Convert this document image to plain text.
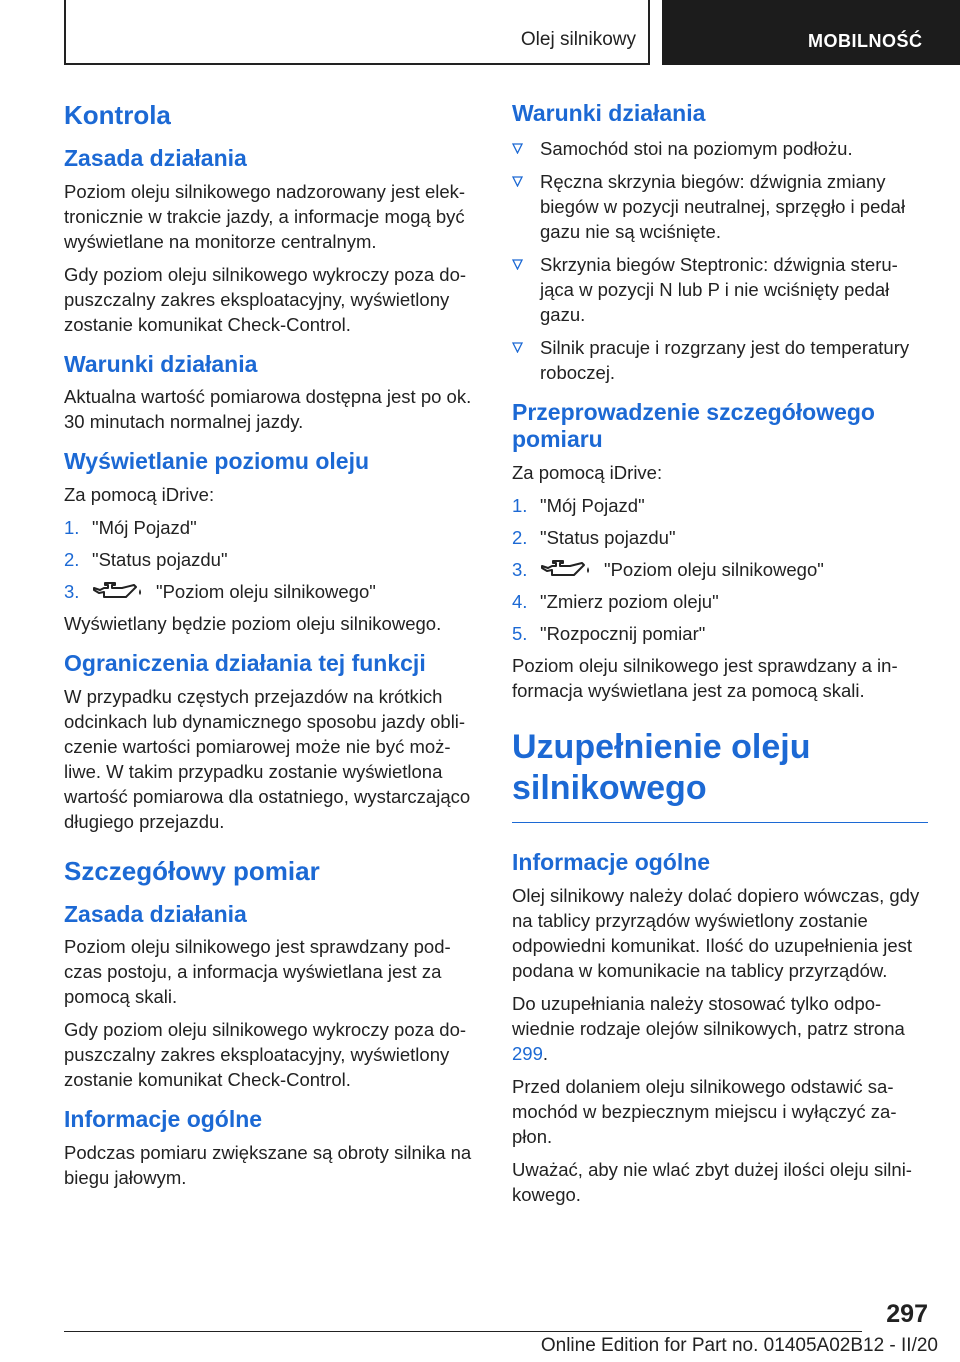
Olej silnikowy	MOBILNOŚĆ
Kontrola
Zasada działania

Poziom oleju silnikowego nadzorowany jest elek-tronicznie w trakcie jazdy, a informacje mogą być wyświetlane na monitorze centralnym.

Gdy poziom oleju silnikowego wykroczy poza do-puszczalny zakres eksploatacyjny, wyświetlony zostanie komunikat Check-Control.

Warunki działania

Aktualna wartość pomiarowa dostępna jest po ok. 30 minutach normalnej jazdy.

Wyświetlanie poziomu oleju

Za pomocą iDrive:

1. "Mój Pojazd"
2. "Status pojazdu"
3.	"Poziom oleju silnikowego"

Wyświetlany będzie poziom oleju silnikowego.

Ograniczenia działania tej funkcji

W przypadku częstych przejazdów na krótkich odcinkach lub dynamicznego sposobu jazdy obli-czenie wartości pomiarowej może nie być moż-liwe. W takim przypadku zostanie wyświetlona wartość pomiarowa dla ostatniego, wystarczająco długiego przejazdu.

Szczegółowy pomiar
Zasada działania

Poziom oleju silnikowego jest sprawdzany pod-czas postoju, a informacja wyświetlana jest za pomocą skali.

Gdy poziom oleju silnikowego wykroczy poza do-puszczalny zakres eksploatacyjny, wyświetlony zostanie komunikat Check-Control.

Informacje ogólne

Podczas pomiaru zwiększane są obroty silnika na biegu jałowym.

Warunki działania
Samochód stoi na poziomym podłożu.
Ręczna skrzynia biegów: dźwignia zmiany biegów w pozycji neutralnej, sprzęgło i pedał gazu nie są wciśnięte.
Skrzynia biegów Steptronic: dźwignia steru-jąca w pozycji N lub P i nie wciśnięty pedał gazu.
Silnik pracuje i rozgrzany jest do temperatury roboczej.
Przeprowadzenie szczegółowego pomiaru

Za pomocą iDrive:

1. "Mój Pojazd"
2. "Status pojazdu"
3.	"Poziom oleju silnikowego"
4. "Zmierz poziom oleju"
5. "Rozpocznij pomiar"

Poziom oleju silnikowego jest sprawdzany a in-formacja wyświetlana jest za pomocą skali.

Uzupełnienie oleju silnikowego
Informacje ogólne

Olej silnikowy należy dolać dopiero wówczas, gdy na tablicy przyrządów wyświetlony zostanie odpowiedni komunikat. Ilość do uzupełnienia jest podana w komunikacie na tablicy przyrządów.

Do uzupełniania należy stosować tylko odpo-wiednie rodzaje olejów silnikowych, patrz strona 299.

Przed dolaniem oleju silnikowego odstawić sa-mochód w bezpiecznym miejscu i wyłączyć za-płon.

Uważać, aby nie wlać zbyt dużej ilości oleju silni-kowego.

297
Online Edition for Part no. 01405A02B12 - II/20
